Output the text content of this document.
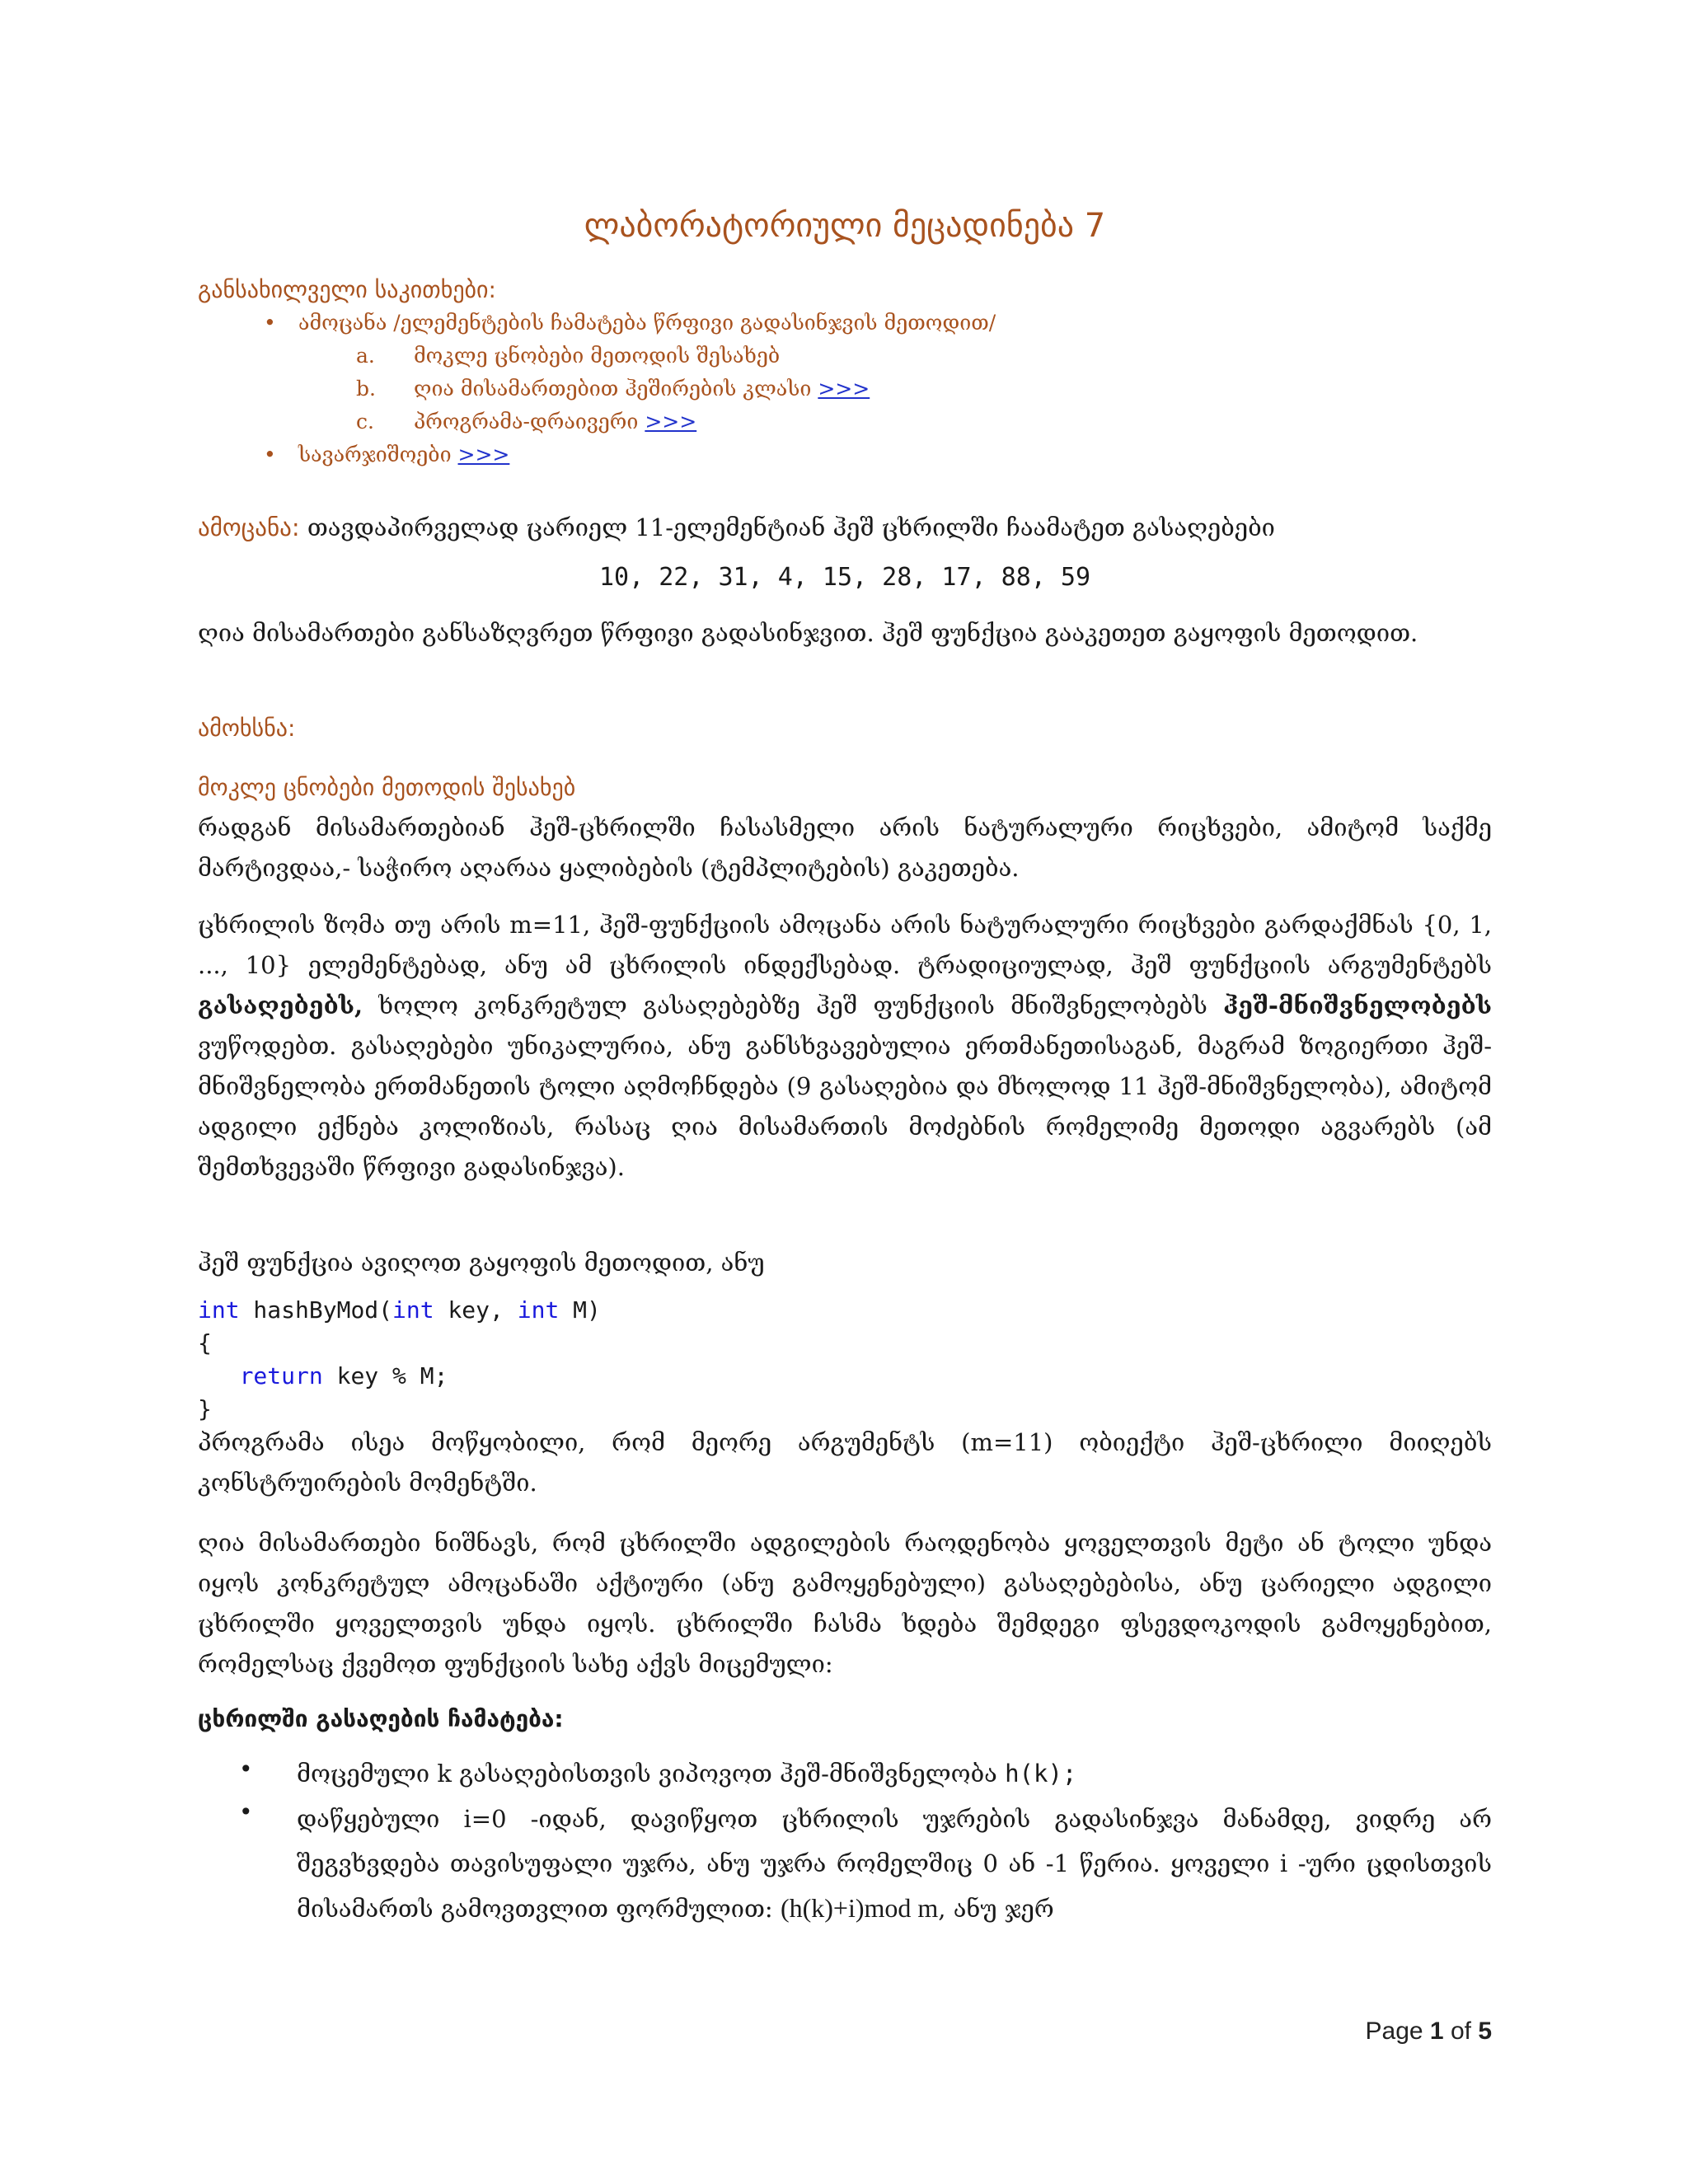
ლაბორატორიული მეცადინება 7
განსახილველი საკითხები:
• ამოცანა /ელემენტების ჩამატება წრფივი გადასინჯვის მეთოდით/
a. მოკლე ცნობები მეთოდის შესახებ
b. ღია მისამართებით ჰეშირების კლასი >>>
c. პროგრამა-დრაივერი >>>
• სავარჯიშოები >>>
ამოცანა: თავდაპირველად ცარიელ 11-ელემენტიან ჰეშ ცხრილში ჩაამატეთ გასაღებები
10, 22, 31, 4, 15, 28, 17, 88, 59
ღია მისამართები განსაზღვრეთ წრფივი გადასინჯვით. ჰეშ ფუნქცია გააკეთეთ გაყოფის მეთოდით.
ამოხსნა:
მოკლე ცნობები მეთოდის შესახებ
რადგან მისამართებიან ჰეშ-ცხრილში ჩასასმელი არის ნატურალური რიცხვები, ამიტომ საქმე მარტივდაა,- საჭირო აღარაა ყალიბების (ტემპლიტების) გაკეთება.
ცხრილის ზომა თუ არის m=11, ჰეშ-ფუნქციის ამოცანა არის ნატურალური რიცხვები გარდაქმნას {0, 1, ..., 10} ელემენტებად, ანუ ამ ცხრილის ინდექსებად. ტრადიციულად, ჰეშ ფუნქციის არგუმენტებს გასაღებებს, ხოლო კონკრეტულ გასაღებებზე ჰეშ ფუნქციის მნიშვნელობებს ჰეშ-მნიშვნელობებს ვუწოდებთ. გასაღებები უნიკალურია, ანუ განსხვავებულია ერთმანეთისაგან, მაგრამ ზოგიერთი ჰეშ-მნიშვნელობა ერთმანეთის ტოლი აღმოჩნდება (9 გასაღებია და მხოლოდ 11 ჰეშ-მნიშვნელობა), ამიტომ ადგილი ექნება კოლიზიას, რასაც ღია მისამართის მოძებნის რომელიმე მეთოდი აგვარებს (ამ შემთხვევაში წრფივი გადასინჯვა).
ჰეშ ფუნქცია ავიღოთ გაყოფის მეთოდით, ანუ
int hashByMod(int key, int M)
{
return key % M;
}
პროგრამა ისეა მოწყობილი, რომ მეორე არგუმენტს (m=11) ობიექტი ჰეშ-ცხრილი მიიღებს კონსტრუირების მომენტში.
ღია მისამართები ნიშნავს, რომ ცხრილში ადგილების რაოდენობა ყოველთვის მეტი ან ტოლი უნდა იყოს კონკრეტულ ამოცანაში აქტიური (ანუ გამოყენებული) გასაღებებისა, ანუ ცარიელი ადგილი ცხრილში ყოველთვის უნდა იყოს. ცხრილში ჩასმა ხდება შემდეგი ფსევდოკოდის გამოყენებით, რომელსაც ქვემოთ ფუნქციის სახე აქვს მიცემული:
ცხრილში გასაღების ჩამატება:
• მოცემული k გასაღებისთვის ვიპოვოთ ჰეშ-მნიშვნელობა h(k);
• დაწყებული i=0 -იდან, დავიწყოთ ცხრილის უჯრების გადასინჯვა მანამდე, ვიდრე არ შეგვხვდება თავისუფალი უჯრა, ანუ უჯრა რომელშიც 0 ან -1 წერია. ყოველი i -ური ცდისთვის მისამართს გამოვთვლით ფორმულით: (h(k)+i)mod m, ანუ ჯერ
Page 1 of 5
